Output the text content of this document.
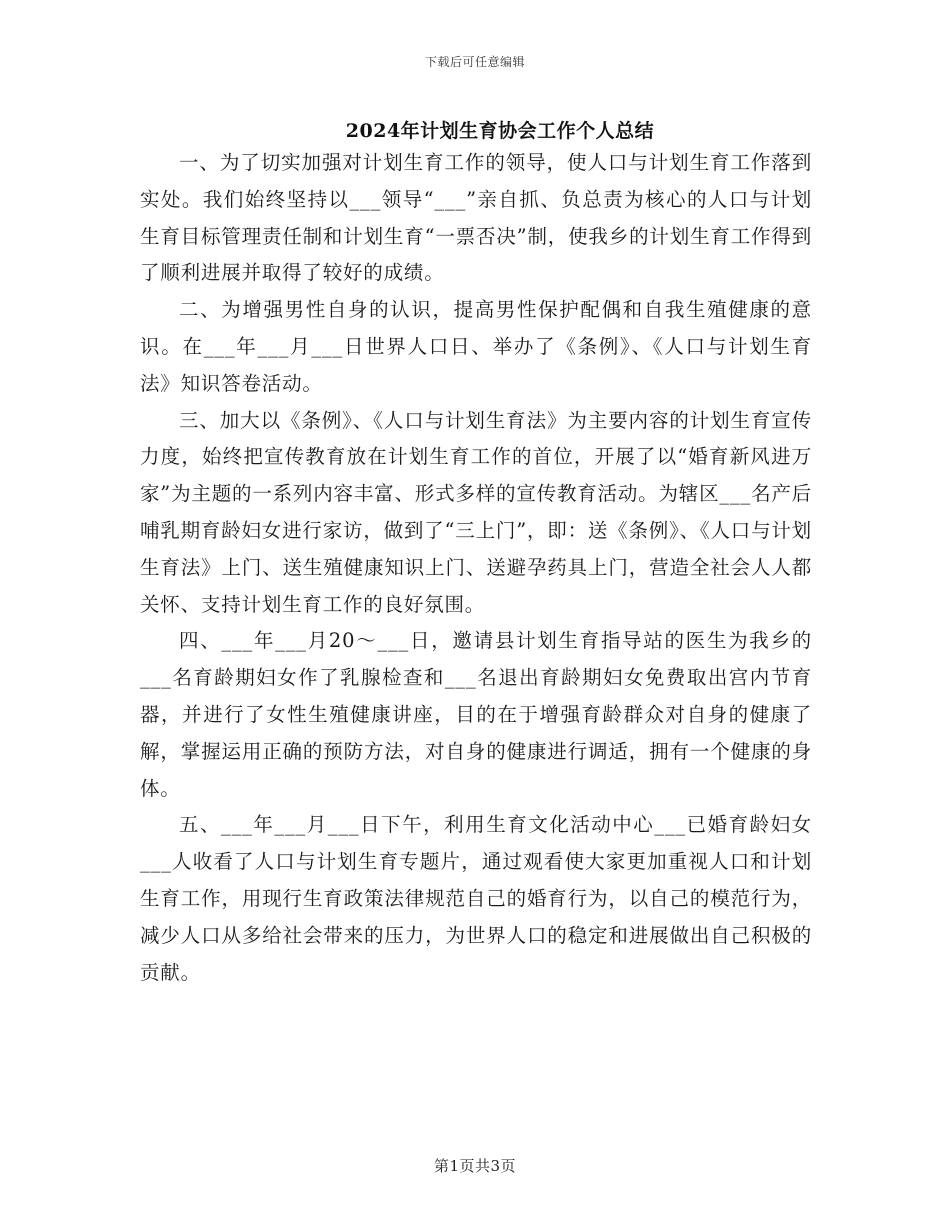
下载后可任意编辑
2024年计划生育协会工作个人总结

一、为了切实加强对计划生育工作的领导，使人口与计划生育工作落到实处。我们始终坚持以___领导“___”亲自抓、负总责为核心的人口与计划生育目标管理责任制和计划生育“一票否决”制，使我乡的计划生育工作得到了顺利进展并取得了较好的成绩。

二、为增强男性自身的认识，提高男性保护配偶和自我生殖健康的意识。在___年___月___日世界人口日、举办了《条例》、《人口与计划生育法》知识答卷活动。

三、加大以《条例》、《人口与计划生育法》为主要内容的计划生育宣传力度，始终把宣传教育放在计划生育工作的首位，开展了以“婚育新风进万家”为主题的一系列内容丰富、形式多样的宣传教育活动。为辖区___名产后哺乳期育龄妇女进行家访，做到了“三上门”，即：送《条例》、《人口与计划生育法》上门、送生殖健康知识上门、送避孕药具上门，营造全社会人人都关怀、支持计划生育工作的良好氛围。

四、___年___月20～___日，邀请县计划生育指导站的医生为我乡的___名育龄期妇女作了乳腺检查和___名退出育龄期妇女免费取出宫内节育器，并进行了女性生殖健康讲座，目的在于增强育龄群众对自身的健康了解，掌握运用正确的预防方法，对自身的健康进行调适，拥有一个健康的身体。

五、___年___月___日下午，利用生育文化活动中心___已婚育龄妇女___人收看了人口与计划生育专题片，通过观看使大家更加重视人口和计划生育工作，用现行生育政策法律规范自己的婚育行为，以自己的模范行为，减少人口从多给社会带来的压力，为世界人口的稳定和进展做出自己积极的贡献。

第1页共3页
